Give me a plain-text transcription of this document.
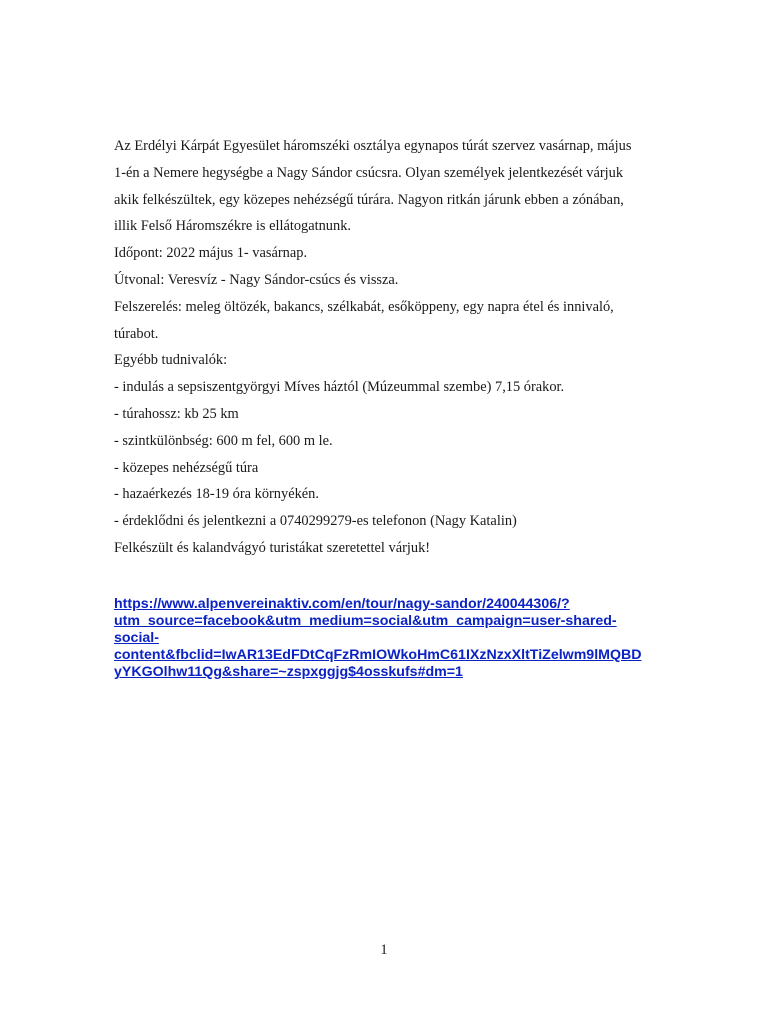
Az Erdélyi Kárpát Egyesület háromszéki osztálya egynapos túrát szervez vasárnap, május
1-én a Nemere hegységbe a Nagy Sándor csúcsra. Olyan személyek jelentkezését várjuk
akik felkészültek, egy közepes nehézségű túrára. Nagyon ritkán járunk ebben a zónában,
illik Felső Háromszékre is ellátogatnunk.

Időpont: 2022 május 1- vasárnap.

Útvonal: Veresvíz - Nagy Sándor-csúcs és vissza.

Felszerelés: meleg öltözék, bakancs, szélkabát, esőköppeny, egy napra étel és innivaló,
túrabot.

Egyébb tudnivalók:

- indulás a sepsiszentgyörgyi Míves háztól (Múzeummal szembe) 7,15 órakor.

- túrahossz: kb 25 km

- szintkülönbség: 600 m fel, 600 m le.

- közepes nehézségű túra

- hazaérkezés 18-19 óra környékén.

- érdeklődni és jelentkezni a 0740299279-es telefonon (Nagy Katalin)

Felkészült és kalandvágyó turistákat szeretettel várjuk!

https://www.alpenvereinaktiv.com/en/tour/nagy-sandor/240044306/?
utm_source=facebook&utm_medium=social&utm_campaign=user-shared-
social-
content&fbclid=IwAR13EdFDtCqFzRmIOWkoHmC61IXzNzxXltTiZelwm9lMQBD
yYKGOlhw11Qg&share=~zspxggjg$4osskufs#dm=1
1
